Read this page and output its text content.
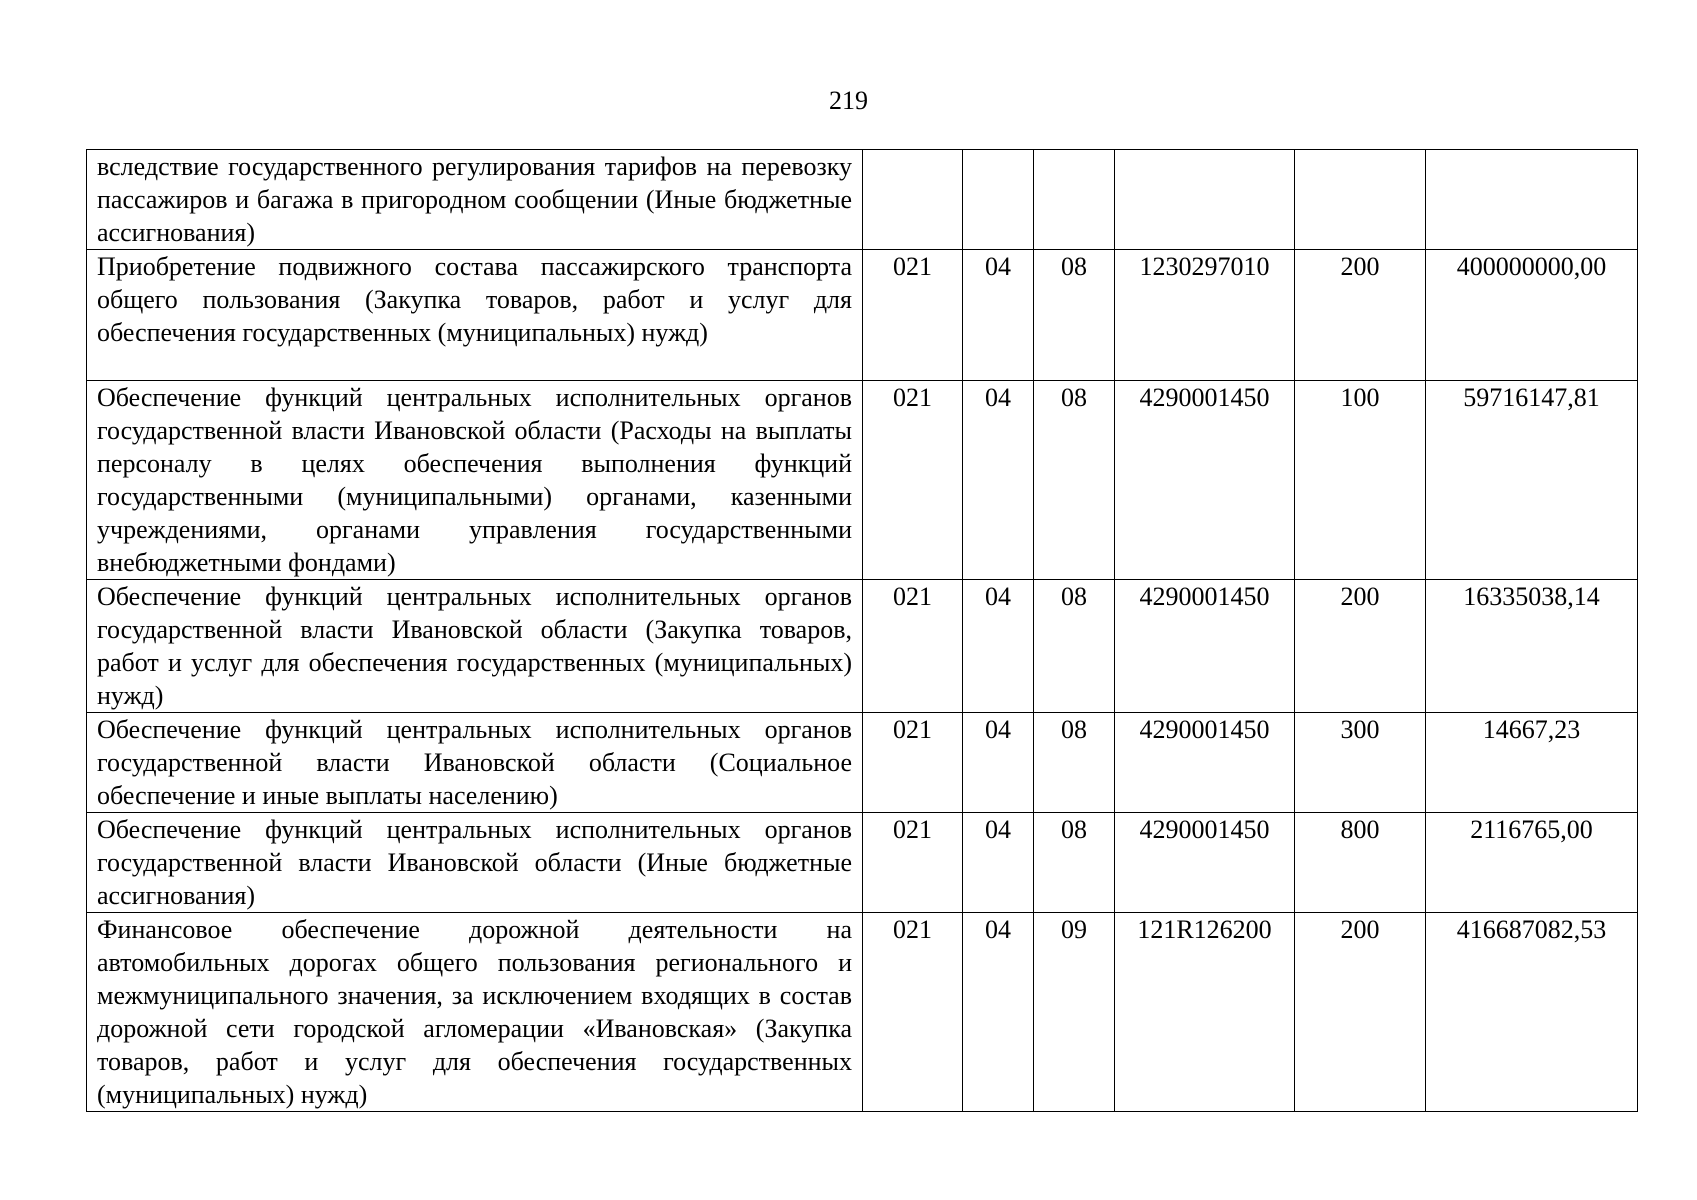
219
вследствие государственного регулирования тарифов на перевозку пассажиров и багажа в пригородном сообщении (Иные бюджетные ассигнования)						
Приобретение подвижного состава пассажирского транспорта общего пользования (Закупка товаров, работ и услуг для обеспечения государственных (муниципальных) нужд)	021	04	08	1230297010	200	400000000,00
Обеспечение функций центральных исполнительных органов государственной власти Ивановской области (Расходы на выплаты персоналу в целях обеспечения выполнения функций государственными (муниципальными) органами, казенными учреждениями, органами управления государственными внебюджетными фондами)	021	04	08	4290001450	100	59716147,81
Обеспечение функций центральных исполнительных органов государственной власти Ивановской области (Закупка товаров, работ и услуг для обеспечения государственных (муниципальных) нужд)	021	04	08	4290001450	200	16335038,14
Обеспечение функций центральных исполнительных органов государственной власти Ивановской области (Социальное обеспечение и иные выплаты населению)	021	04	08	4290001450	300	14667,23
Обеспечение функций центральных исполнительных органов государственной власти Ивановской области (Иные бюджетные ассигнования)	021	04	08	4290001450	800	2116765,00
Финансовое обеспечение дорожной деятельности на автомобильных дорогах общего пользования регионального и межмуниципального значения, за исключением входящих в состав дорожной сети городской агломерации «Ивановская» (Закупка товаров, работ и услуг для обеспечения государственных (муниципальных) нужд)	021	04	09	121R126200	200	416687082,53
